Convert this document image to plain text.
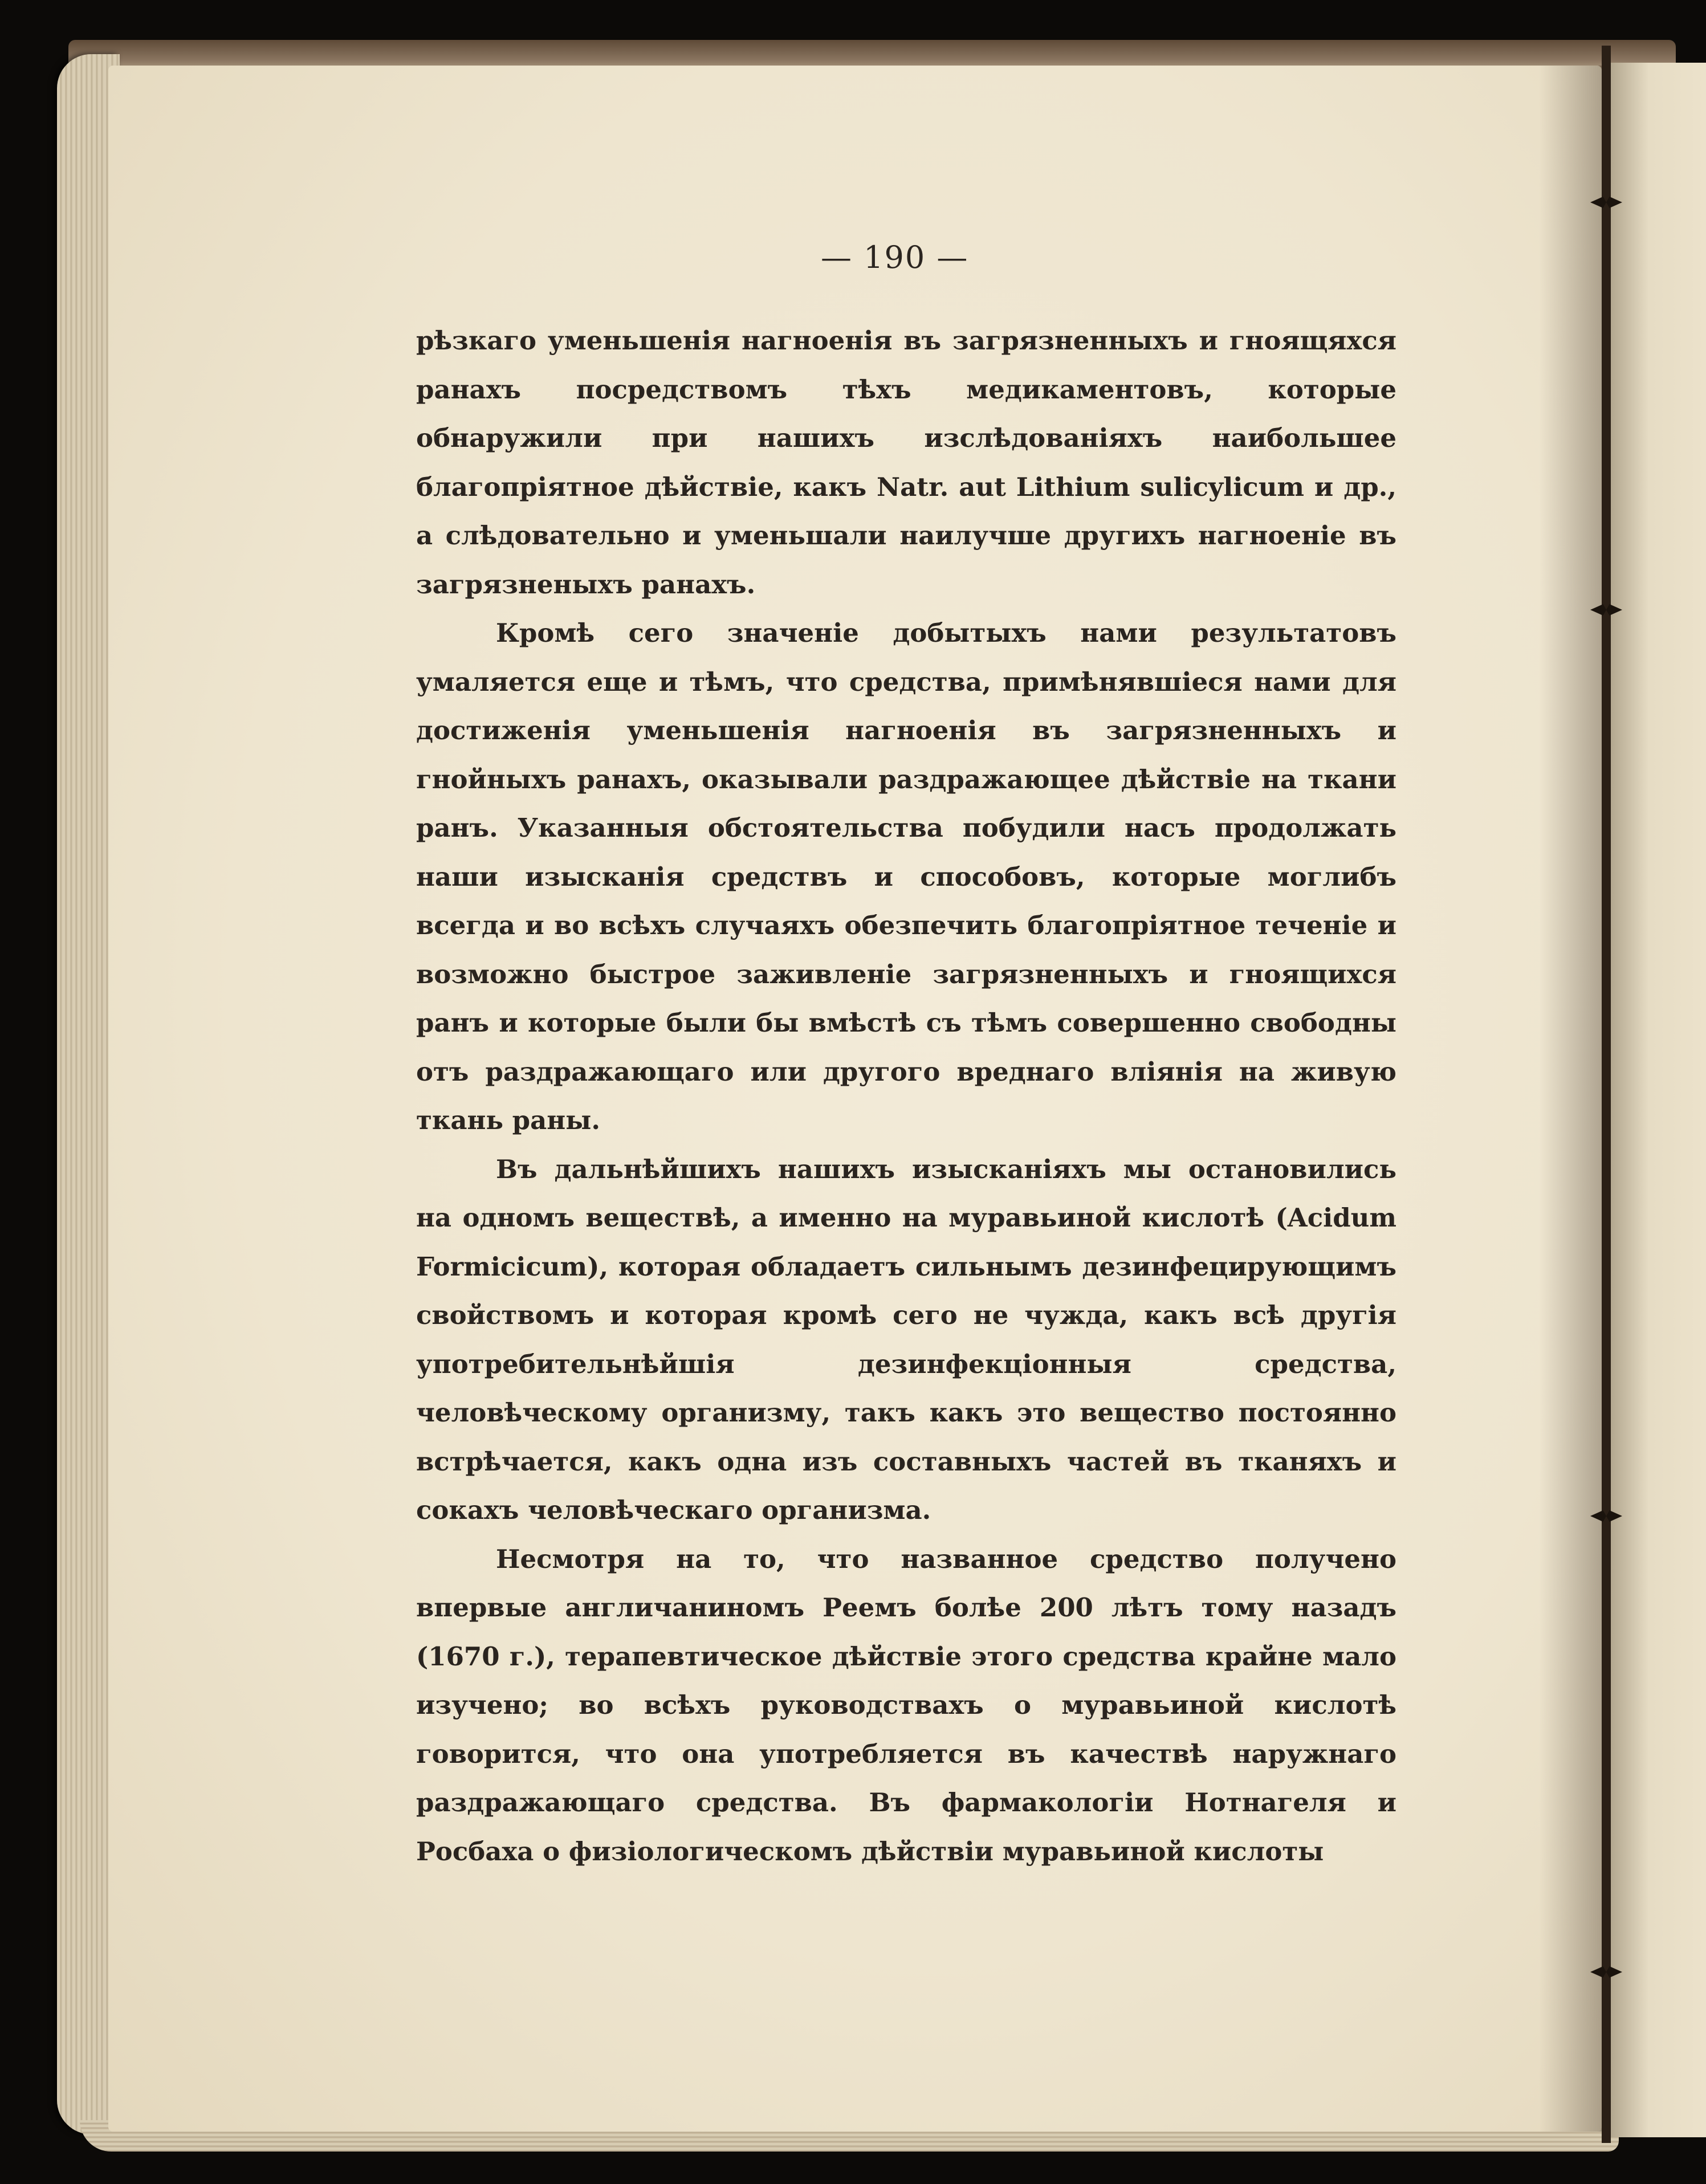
— 190 —

рѣзкаго уменьшенія нагноенія въ загрязненныхъ и гноящяхся ранахъ посредствомъ тѣхъ медикаментовъ, которые обнаружили при нашихъ изслѣдованіяхъ наибольшее благопріятное дѣйствіе, какъ Natr. aut Lithium sulicylicum и др., а слѣдовательно и уменьшали наилучше другихъ нагноеніе въ загрязненыхъ ранахъ.

Кромѣ сего значеніе добытыхъ нами результатовъ умаляется еще и тѣмъ, что средства, примѣнявшіеся нами для достиженія уменьшенія нагноенія въ загрязненныхъ и гнойныхъ ранахъ, оказывали раздражающее дѣйствіе на ткани ранъ. Указанныя обстоятельства побудили насъ продолжать наши изысканія средствъ и способовъ, которые моглибъ всегда и во всѣхъ случаяхъ обезпечить благопріятное теченіе и возможно быстрое заживленіе загрязненныхъ и гноящихся ранъ и которые были бы вмѣстѣ съ тѣмъ совершенно свободны отъ раздражающаго или другого вреднаго вліянія на живую ткань раны.

Въ дальнѣйшихъ нашихъ изысканіяхъ мы остановились на одномъ веществѣ, а именно на муравьиной кислотѣ (Acidum Formicicum), которая обладаетъ сильнымъ дезинфецирующимъ свойствомъ и которая кромѣ сего не чужда, какъ всѣ другія употребительнѣйшія дезинфекціонныя средства, человѣческому организму, такъ какъ это вещество постоянно встрѣчается, какъ одна изъ составныхъ частей въ тканяхъ и сокахъ человѣческаго организма.

Несмотря на то, что названное средство получено впервые англичаниномъ Реемъ болѣе 200 лѣтъ тому назадъ (1670 г.), терапевтическое дѣйствіе этого средства крайне мало изучено; во всѣхъ руководствахъ о муравьиной кислотѣ говорится, что она употребляется въ качествѣ наружнаго раздражающаго средства. Въ фармакологіи Нотнагеля и Росбаха о физіологическомъ дѣйствіи муравьиной кислоты
